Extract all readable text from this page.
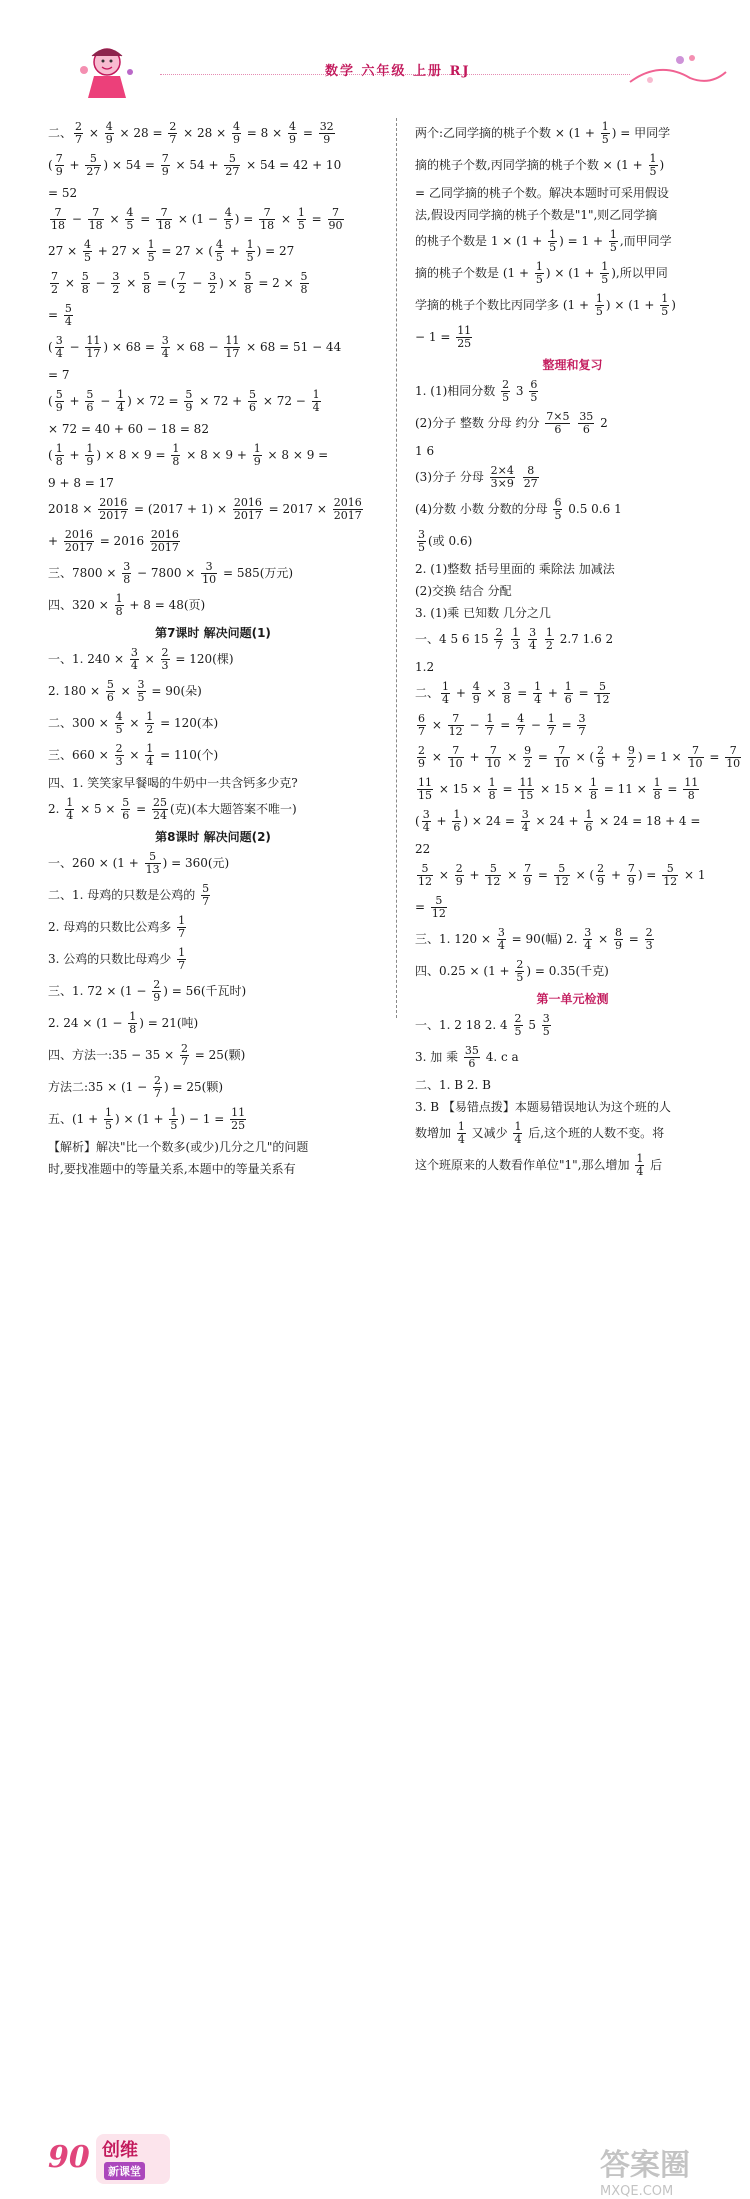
数学 六年级 上册 RJ
二、 $\frac{2}{7} \times \frac{4}{9} \times 28 = \frac{2}{7} \times 28 \times \frac{4}{9} = 8 \times \frac{4}{9} = \frac{32}{9}$
( $\frac{7}{9} + \frac{5}{27}$ ) × $54 = \frac{7}{9} \times 54 + \frac{5}{27} \times 54 = 42 + 10$
= 52
$\frac{7}{18} - \frac{7}{18} \times \frac{4}{5} = \frac{7}{18} \times (1 - \frac{4}{5}$ ) = $\frac{7}{18} \times \frac{1}{5} = \frac{7}{90}$
$27 \times \frac{4}{5} + 27 \times \frac{1}{5} = 27$ × ( $\frac{4}{5} + \frac{1}{5}$ ) = 27
$\frac{7}{2} \times \frac{5}{8} - \frac{3}{2} \times \frac{5}{8}$ = ( $\frac{7}{2} - \frac{3}{2}$ ) × $\frac{5}{8} = 2 \times \frac{5}{8}$
= $\frac{5}{4}$
( $\frac{3}{4} - \frac{11}{17}$ ) × $68 = \frac{3}{4} \times 68 - \frac{11}{17} \times 68 = 51 - 44$
= 7
( $\frac{5}{9} + \frac{5}{6} - \frac{1}{4}$ ) × $72 = \frac{5}{9} \times 72 + \frac{5}{6} \times 72 - \frac{1}{4}$
× 72 = 40 + 60 − 18 = 82
( $\frac{1}{8} + \frac{1}{9}$ ) × $8 \times 9 = \frac{1}{8} \times 8 \times 9 + \frac{1}{9} \times 8 \times 9$ =
9 + 8 = 17
$2018 \times \frac{2016}{2017} = (2017 + 1) \times \frac{2016}{2017} = 2017 \times \frac{2016}{2017}$
+ $\frac{2016}{2017} = 2016 \frac{2016}{2017}$
三、$7800 \times \frac{3}{8} - 7800 \times \frac{3}{10} = 585$(万元)
四、$320 \times \frac{1}{8} + 8 = 48$(页)
第7课时 解决问题(1)
一、1. $240 \times \frac{3}{4} \times \frac{2}{3} = 120$(棵)
2. $180 \times \frac{5}{6} \times \frac{3}{5} = 90$(朵)
二、$300 \times \frac{4}{5} \times \frac{1}{2} = 120$(本)
三、$660 \times \frac{2}{3} \times \frac{1}{4} = 110$(个)
四、1. 笑笑家早餐喝的牛奶中一共含钙多少克?
2. $\frac{1}{4} \times 5 \times \frac{5}{6} = \frac{25}{24}$ (克)(本大题答案不唯一)
第8课时 解决问题(2)
一、$260 \times (1 + \frac{5}{13}$ ) = 360(元)
二、1. 母鸡的只数是公鸡的 $\frac{5}{7}$
2. 母鸡的只数比公鸡多 $\frac{1}{7}$
3. 公鸡的只数比母鸡少 $\frac{1}{7}$
三、1. $72 \times (1 - \frac{2}{9}$ ) = 56(千瓦时)
2. $24 \times (1 - \frac{1}{8}$ ) = 21(吨)
四、方法一:35 − $35 \times \frac{2}{7} = 25$(颗)
方法二:35 × ($1 - \frac{2}{7}$ ) = 25(颗)
五、($1 + \frac{1}{5}$ ) × ($1 + \frac{1}{5}$ ) − $1 = \frac{11}{25}$
【解析】解决"比一个数多(或少)几分之几"的问题
时,要找准题中的等量关系,本题中的等量关系有
两个:乙同学摘的桃子个数 × ($1 + \frac{1}{5}$ ) = 甲同学
摘的桃子个数,丙同学摘的桃子个数 × ($1 + \frac{1}{5}$ )
= 乙同学摘的桃子个数。解决本题时可采用假设
法,假设丙同学摘的桃子个数是"1",则乙同学摘
的桃子个数是 $1 \times (1 + \frac{1}{5}$ ) = $1 + \frac{1}{5}$ ,而甲同学
摘的桃子个数是 ($1 + \frac{1}{5}$ ) × ($1 + \frac{1}{5}$ ),所以甲同
学摘的桃子个数比丙同学多 ($1 + \frac{1}{5}$ ) × ($1 + \frac{1}{5}$ )
− $1 = \frac{11}{25}$
整理和复习
1. (1)相同分数 $\frac{2}{5} 3 \frac{6}{5}$
(2)分子 整数 分母 约分 $\frac{7\times 5}{6}$
$\frac{35}{6} 2$
1 6
(3)分子 分母 $\frac{2\times 4}{3\times 9}$
$\frac{8}{27}$
(4)分数 小数 分数的分母 $\frac{6}{5} 0.5$ 0.6 1
$\frac{3}{5}$ (或 0.6)
2. (1)整数 括号里面的 乘除法 加减法
(2)交换 结合 分配
3. (1)乘 已知数 几分之几
一、4 5 6 $15 \frac{2}{7}$
$\frac{1}{3}$
$\frac{3}{4}$
$\frac{1}{2} 2.7$ 1.6 2
1.2
二、 $\frac{1}{4} + \frac{4}{9} \times \frac{3}{8} = \frac{1}{4} + \frac{1}{6} = \frac{5}{12}$
$\frac{6}{7} \times \frac{7}{12} - \frac{1}{7} = \frac{4}{7} - \frac{1}{7} = \frac{3}{7}$
$\frac{2}{9} \times \frac{7}{10} + \frac{7}{10} \times \frac{9}{2} = \frac{7}{10}$ × ( $\frac{2}{9} + \frac{9}{2}$ ) = $1 \times \frac{7}{10} = \frac{7}{10}$
$\frac{11}{15} \times 15 \times \frac{1}{8} = \frac{11}{15} \times 15 \times \frac{1}{8} = 11 \times \frac{1}{8} = \frac{11}{8}$
( $\frac{3}{4} + \frac{1}{6}$ ) × $24 = \frac{3}{4} \times 24 + \frac{1}{6} \times 24 = 18 + 4$ =
22
$\frac{5}{12} \times \frac{2}{9} + \frac{5}{12} \times \frac{7}{9} = \frac{5}{12}$ × ( $\frac{2}{9} + \frac{7}{9}$ ) = $\frac{5}{12} \times 1$
= $\frac{5}{12}$
三、1. $120 \times \frac{3}{4} = 90$(幅) 2. $\frac{3}{4} \times \frac{8}{9} = \frac{2}{3}$
四、$0.25 \times (1 + \frac{2}{5}$ ) = 0.35(千克)
第一单元检测
一、1. 2 18 2. $4 \frac{2}{5} 5 \frac{3}{5}$
3. 加 乘 $\frac{35}{6} 4$. c a
二、1. B 2. B
3. B 【易错点拨】本题易错误地认为这个班的人
数增加 $\frac{1}{4}$ 又减少 $\frac{1}{4}$ 后,这个班的人数不变。将
这个班原来的人数看作单位"1",那么增加 $\frac{1}{4}$ 后
90 创维
新课堂	答案圈
MXQE.COM
